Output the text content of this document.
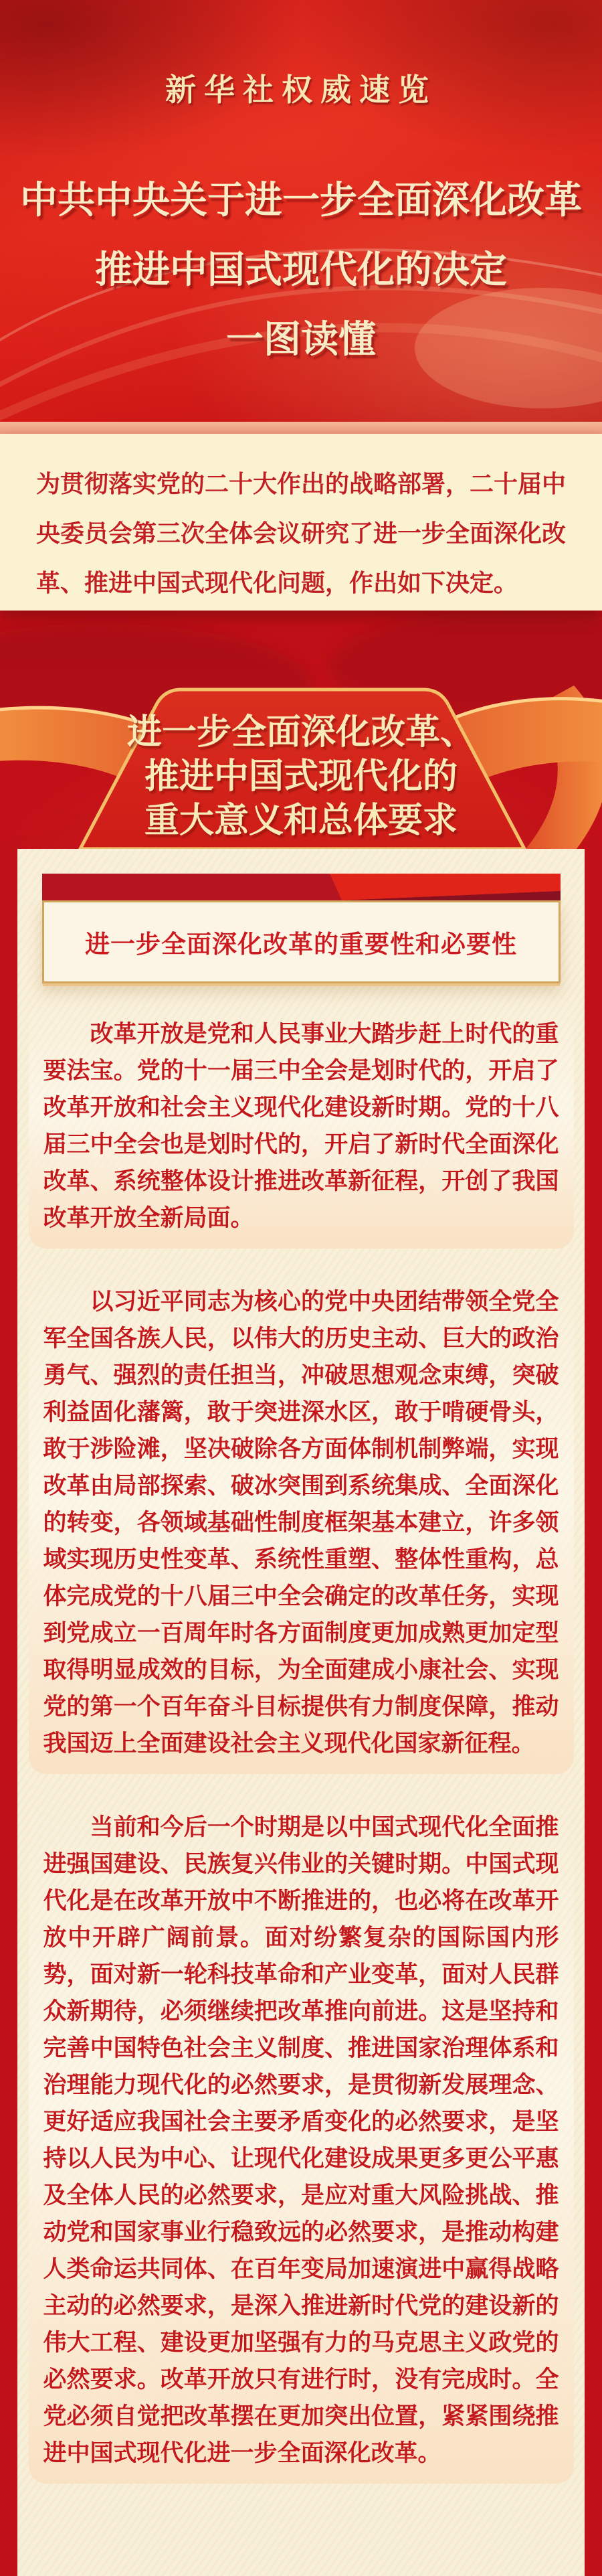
新华社权威速览

中共中央关于进一步全面深化改革
推进中国式现代化的决定
一图读懂

为贯彻落实党的二十大作出的战略部署，二十届中央委员会第三次全体会议研究了进一步全面深化改革、推进中国式现代化问题，作出如下决定。

进一步全面深化改革、
推进中国式现代化的
重大意义和总体要求
进一步全面深化改革的重要性和必要性

改革开放是党和人民事业大踏步赶上时代的重要法宝。党的十一届三中全会是划时代的，开启了改革开放和社会主义现代化建设新时期。党的十八届三中全会也是划时代的，开启了新时代全面深化改革、系统整体设计推进改革新征程，开创了我国改革开放全新局面。

以习近平同志为核心的党中央团结带领全党全军全国各族人民，以伟大的历史主动、巨大的政治勇气、强烈的责任担当，冲破思想观念束缚，突破利益固化藩篱，敢于突进深水区，敢于啃硬骨头，敢于涉险滩，坚决破除各方面体制机制弊端，实现改革由局部探索、破冰突围到系统集成、全面深化的转变，各领域基础性制度框架基本建立，许多领域实现历史性变革、系统性重塑、整体性重构，总体完成党的十八届三中全会确定的改革任务，实现到党成立一百周年时各方面制度更加成熟更加定型取得明显成效的目标，为全面建成小康社会、实现党的第一个百年奋斗目标提供有力制度保障，推动我国迈上全面建设社会主义现代化国家新征程。

当前和今后一个时期是以中国式现代化全面推进强国建设、民族复兴伟业的关键时期。中国式现代化是在改革开放中不断推进的，也必将在改革开放中开辟广阔前景。面对纷繁复杂的国际国内形势，面对新一轮科技革命和产业变革，面对人民群众新期待，必须继续把改革推向前进。这是坚持和完善中国特色社会主义制度、推进国家治理体系和治理能力现代化的必然要求，是贯彻新发展理念、更好适应我国社会主要矛盾变化的必然要求，是坚持以人民为中心、让现代化建设成果更多更公平惠及全体人民的必然要求，是应对重大风险挑战、推动党和国家事业行稳致远的必然要求，是推动构建人类命运共同体、在百年变局加速演进中赢得战略主动的必然要求，是深入推进新时代党的建设新的伟大工程、建设更加坚强有力的马克思主义政党的必然要求。改革开放只有进行时，没有完成时。全党必须自觉把改革摆在更加突出位置，紧紧围绕推进中国式现代化进一步全面深化改革。
